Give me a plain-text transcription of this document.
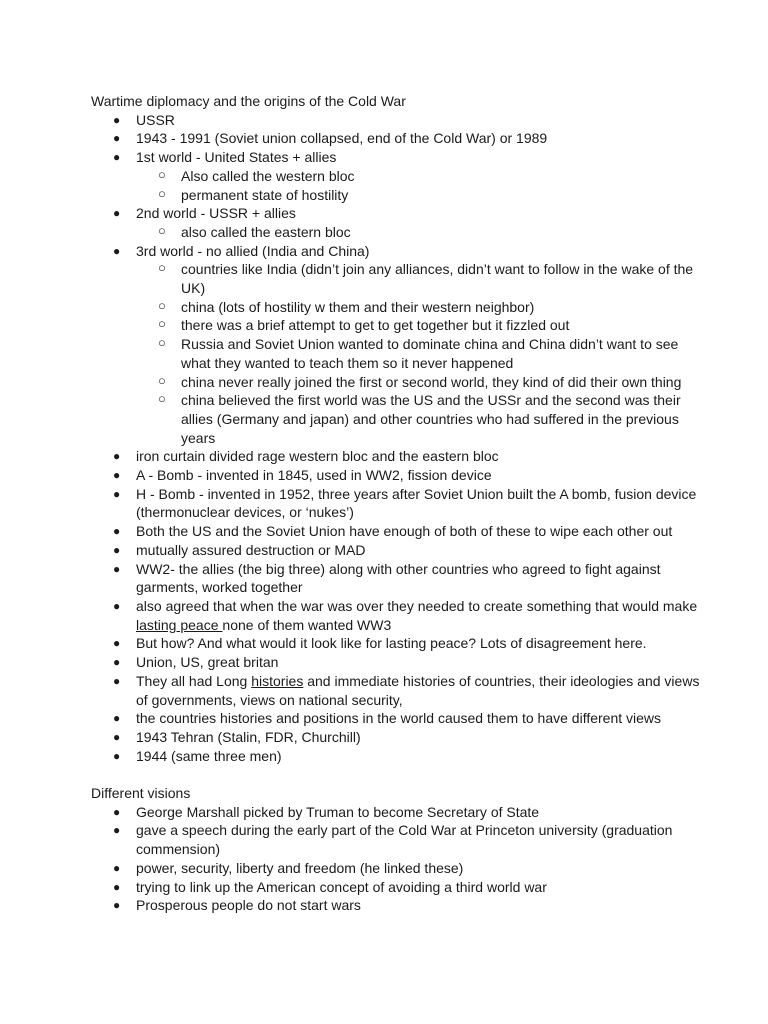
Wartime diplomacy and the origins of the Cold War

● USSR
● 1943 - 1991 (Soviet union collapsed, end of the Cold War) or 1989
● 1st world - United States + allies
○ Also called the western bloc
○ permanent state of hostility
● 2nd world - USSR + allies
○ also called the eastern bloc
● 3rd world - no allied (India and China)
○ countries like India (didn’t join any alliances, didn’t want to follow in the wake of the UK)
○ china (lots of hostility w them and their western neighbor)
○ there was a brief attempt to get to get together but it fizzled out
○ Russia and Soviet Union wanted to dominate china and China didn’t want to see what they wanted to teach them so it never happened
○ china never really joined the first or second world, they kind of did their own thing
○ china believed the first world was the US and the USSr and the second was their allies (Germany and japan) and other countries who had suffered in the previous years
● iron curtain divided rage western bloc and the eastern bloc
● A - Bomb - invented in 1845, used in WW2, fission device
● H - Bomb - invented in 1952, three years after Soviet Union built the A bomb, fusion device (thermonuclear devices, or ‘nukes’)
● Both the US and the Soviet Union have enough of both of these to wipe each other out
● mutually assured destruction or MAD
● WW2- the allies (the big three) along with other countries who agreed to fight against garments, worked together
● also agreed that when the war was over they needed to create something that would make lasting peace none of them wanted WW3
● But how? And what would it look like for lasting peace? Lots of disagreement here.
● Union, US, great britan
● They all had Long histories and immediate histories of countries, their ideologies and views of governments, views on national security,
● the countries histories and positions in the world caused them to have different views
● 1943 Tehran (Stalin, FDR, Churchill)
● 1944 (same three men)

Different visions

● George Marshall picked by Truman to become Secretary of State
● gave a speech during the early part of the Cold War at Princeton university (graduation commension)
● power, security, liberty and freedom (he linked these)
● trying to link up the American concept of avoiding a third world war
● Prosperous people do not start wars
